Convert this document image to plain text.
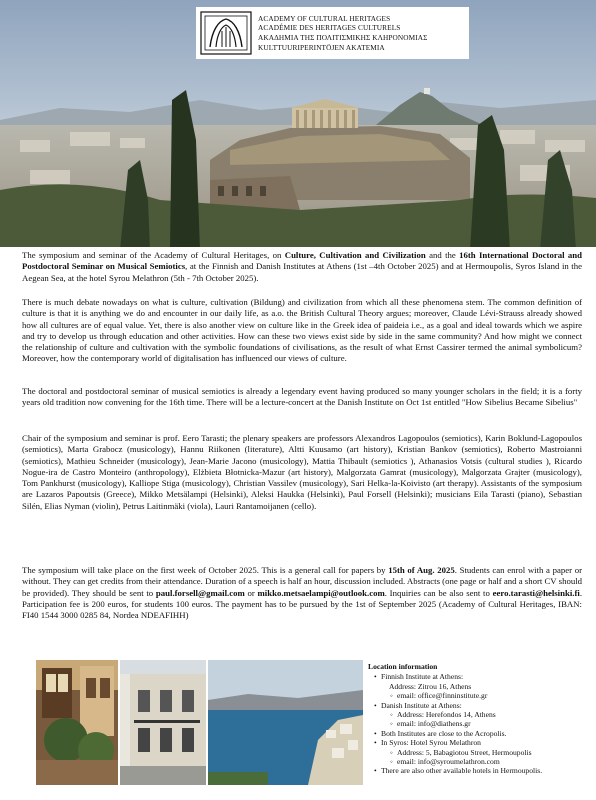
ACADEMY OF CULTURAL HERITAGES
ACADÉMIE DES HERITAGES CULTURELS
ΑΚΑΔΗΜΙΑ ΤΗΣ ΠΟΛΙΤΙΣΜΙΚΗΣ ΚΛΗΡΟΝΟΜΙΑΣ
KULTTUURIPERINTÖJEN AKATEMIA

The symposium and seminar of the Academy of Cultural Heritages, on Culture, Cultivation and Civilization and the 16th International Doctoral and Postdoctoral Seminar on Musical Semiotics, at the Finnish and Danish Institutes at Athens (1st –4th October 2025) and at Hermoupolis, Syros Island in the Aegean Sea, at the hotel Syrou Melathron (5th - 7th October 2025).

There is much debate nowadays on what is culture, cultivation (Bildung) and civilization from which all these phenomena stem. The common definition of culture is that it is anything we do and encounter in our daily life, as a.o. the British Cultural Theory argues; moreover, Claude Lévi-Strauss already showed how all cultures are of equal value. Yet, there is also another view on culture like in the Greek idea of paideia i.e., as a goal and ideal towards which we aspire and try to develop us through education and other activities. How can these two views exist side by side in the same community? And how might we connect the relationship of culture and cultivation with the symbolic foundations of civilisations, as the result of what Ernst Cassirer termed the animal symbolicum? Moreover, how the contemporary world of digitalisation has influenced our views of culture.

The doctoral and postdoctoral seminar of musical semiotics is already a legendary event having produced so many younger scholars in the field; it is a forty years old tradition now convening for the 16th time. There will be a lecture-concert at the Danish Institute on Oct 1st entitled "How Sibelius Became Sibelius"

Chair of the symposium and seminar is prof. Eero Tarasti; the plenary speakers are professors Alexandros Lagopoulos (semiotics), Karin Boklund-Lagopoulos (semiotics), Marta Grabocz (musicology), Hannu Riikonen (literature), Altti Kuusamo (art history), Kristian Bankov (semiotics), Roberto Mastroianni (semiotics), Mathieu Schneider (musicology), Jean-Marie Jacono (musicology), Mattia Thibault (semiotics ), Athanasios Votsis (cultural studies ), Ricardo Nogue-ira de Castro Monteiro (anthropology), Elżbieta Błotnicka-Mazur (art history), Malgorzata Gamrat (musicology), Malgorzata Grajter (musicology), Tom Pankhurst (musicology), Kalliope Stiga (musicology), Christian Vassilev (musicology), Sari Helka-la-Koivisto (art therapy). Assistants of the symposium are Lazaros Papoutsis (Greece), Mikko Metsälampi (Helsinki), Aleksi Haukka (Helsinki), Paul Forsell (Helsinki); musicians Eila Tarasti (piano), Sebastian Silén, Elias Nyman (violin), Petrus Laitinmäki (viola), Lauri Rantamoijanen (cello).

The symposium will take place on the first week of October 2025. This is a general call for papers by 15th of Aug. 2025. Students can enrol with a paper or without. They can get credits from their attendance. Duration of a speech is half an hour, discussion included. Abstracts (one page or half and a short CV should be provided). They should be sent to paul.forsell@gmail.com or mikko.metsaelampi@outlook.com. Inquiries can be also sent to eero.tarasti@helsinki.fi. Participation fee is 200 euros, for students 100 euros. The payment has to be pursued by the 1st of September 2025 (Academy of Cultural Heritages, IBAN: FI40 1544 3000 0285 84, Nordea NDEAFIHH)

Location information
• Finnish Institute at Athens:
Address: Zitrou 16, Athens
◦ email: office@finninstitute.gr
• Danish Institute at Athens:
◦ Address: Herefondos 14, Athens
◦ email: info@diathens.gr
• Both Institutes are close to the Acropolis.
• In Syros: Hotel Syrou Melathron
◦ Address: 5, Babagiotou Street, Hermoupolis
◦ email: info@syroumelathron.com
• There are also other available hotels in Hermoupolis.
